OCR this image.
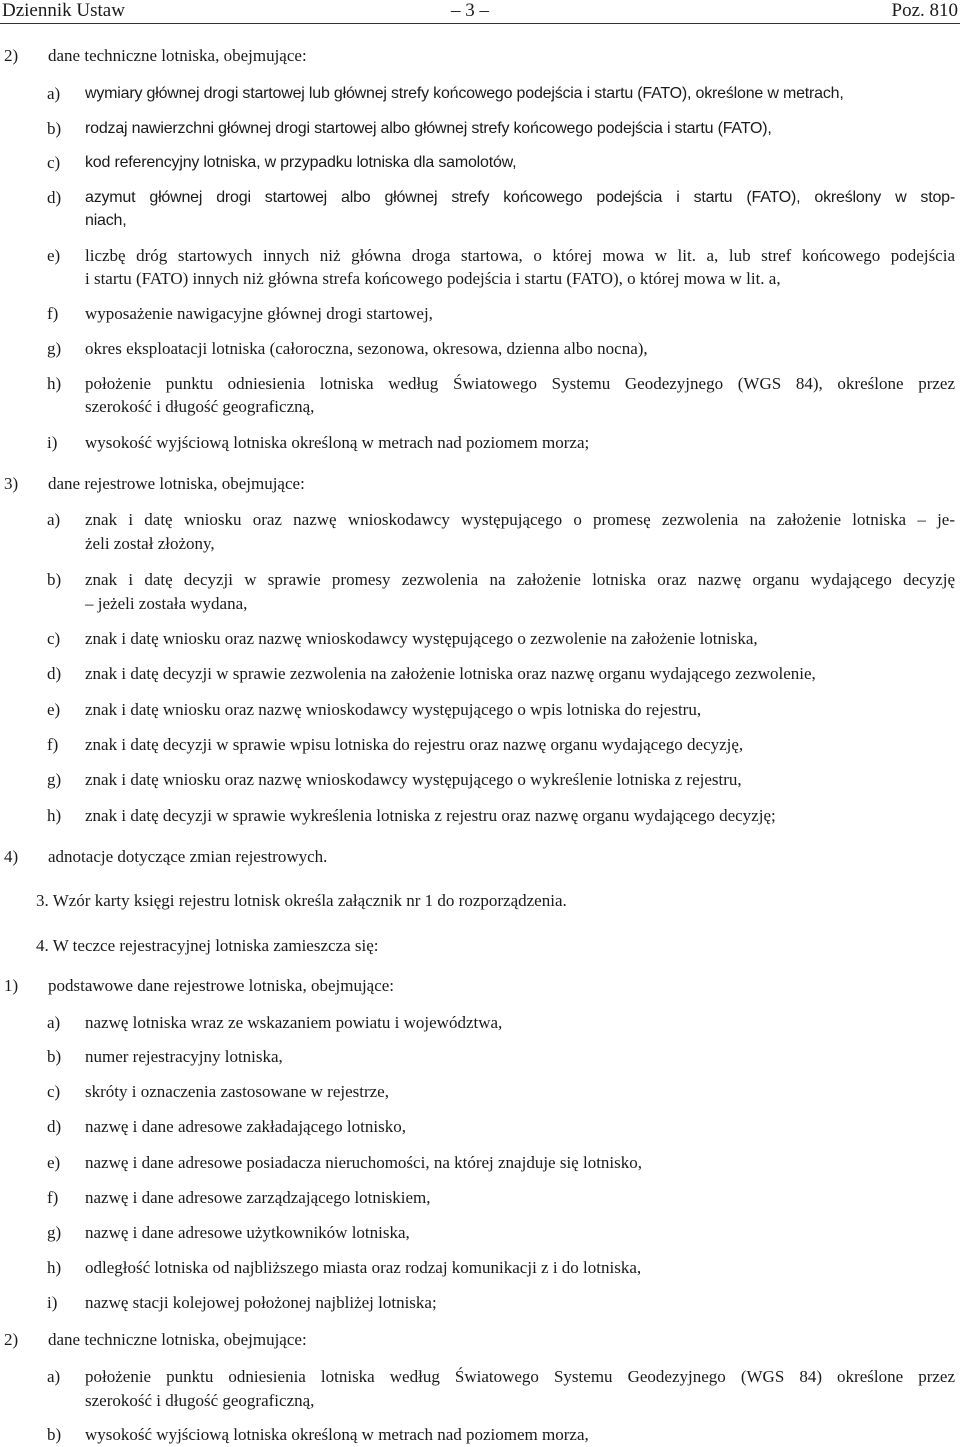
Dziennik Ustaw	– 3 –	Poz. 810
2) dane techniczne lotniska, obejmujące:
a) wymiary głównej drogi startowej lub głównej strefy końcowego podejścia i startu (FATO), określone w metrach,
b) rodzaj nawierzchni głównej drogi startowej albo głównej strefy końcowego podejścia i startu (FATO),
c) kod referencyjny lotniska, w przypadku lotniska dla samolotów,
d) azymut głównej drogi startowej albo głównej strefy końcowego podejścia i startu (FATO), określony w stop-
niach,
e) liczbę dróg startowych innych niż główna droga startowa, o której mowa w lit. a, lub stref końcowego podejścia
i startu (FATO) innych niż główna strefa końcowego podejścia i startu (FATO), o której mowa w lit. a,
f) wyposażenie nawigacyjne głównej drogi startowej,
g) okres eksploatacji lotniska (całoroczna, sezonowa, okresowa, dzienna albo nocna),
h) położenie punktu odniesienia lotniska według Światowego Systemu Geodezyjnego (WGS 84), określone przez
szerokość i długość geograficzną,
i) wysokość wyjściową lotniska określoną w metrach nad poziomem morza;
3) dane rejestrowe lotniska, obejmujące:
a) znak i datę wniosku oraz nazwę wnioskodawcy występującego o promesę zezwolenia na założenie lotniska – je-
żeli został złożony,
b) znak i datę decyzji w sprawie promesy zezwolenia na założenie lotniska oraz nazwę organu wydającego decyzję
– jeżeli została wydana,
c) znak i datę wniosku oraz nazwę wnioskodawcy występującego o zezwolenie na założenie lotniska,
d) znak i datę decyzji w sprawie zezwolenia na założenie lotniska oraz nazwę organu wydającego zezwolenie,
e) znak i datę wniosku oraz nazwę wnioskodawcy występującego o wpis lotniska do rejestru,
f) znak i datę decyzji w sprawie wpisu lotniska do rejestru oraz nazwę organu wydającego decyzję,
g) znak i datę wniosku oraz nazwę wnioskodawcy występującego o wykreślenie lotniska z rejestru,
h) znak i datę decyzji w sprawie wykreślenia lotniska z rejestru oraz nazwę organu wydającego decyzję;
4) adnotacje dotyczące zmian rejestrowych.
3. Wzór karty księgi rejestru lotnisk określa załącznik nr 1 do rozporządzenia.
4. W teczce rejestracyjnej lotniska zamieszcza się:
1) podstawowe dane rejestrowe lotniska, obejmujące:
a) nazwę lotniska wraz ze wskazaniem powiatu i województwa,
b) numer rejestracyjny lotniska,
c) skróty i oznaczenia zastosowane w rejestrze,
d) nazwę i dane adresowe zakładającego lotnisko,
e) nazwę i dane adresowe posiadacza nieruchomości, na której znajduje się lotnisko,
f) nazwę i dane adresowe zarządzającego lotniskiem,
g) nazwę i dane adresowe użytkowników lotniska,
h) odległość lotniska od najbliższego miasta oraz rodzaj komunikacji z i do lotniska,
i) nazwę stacji kolejowej położonej najbliżej lotniska;
2) dane techniczne lotniska, obejmujące:
a) położenie punktu odniesienia lotniska według Światowego Systemu Geodezyjnego (WGS 84) określone przez
szerokość i długość geograficzną,
b) wysokość wyjściową lotniska określoną w metrach nad poziomem morza,
